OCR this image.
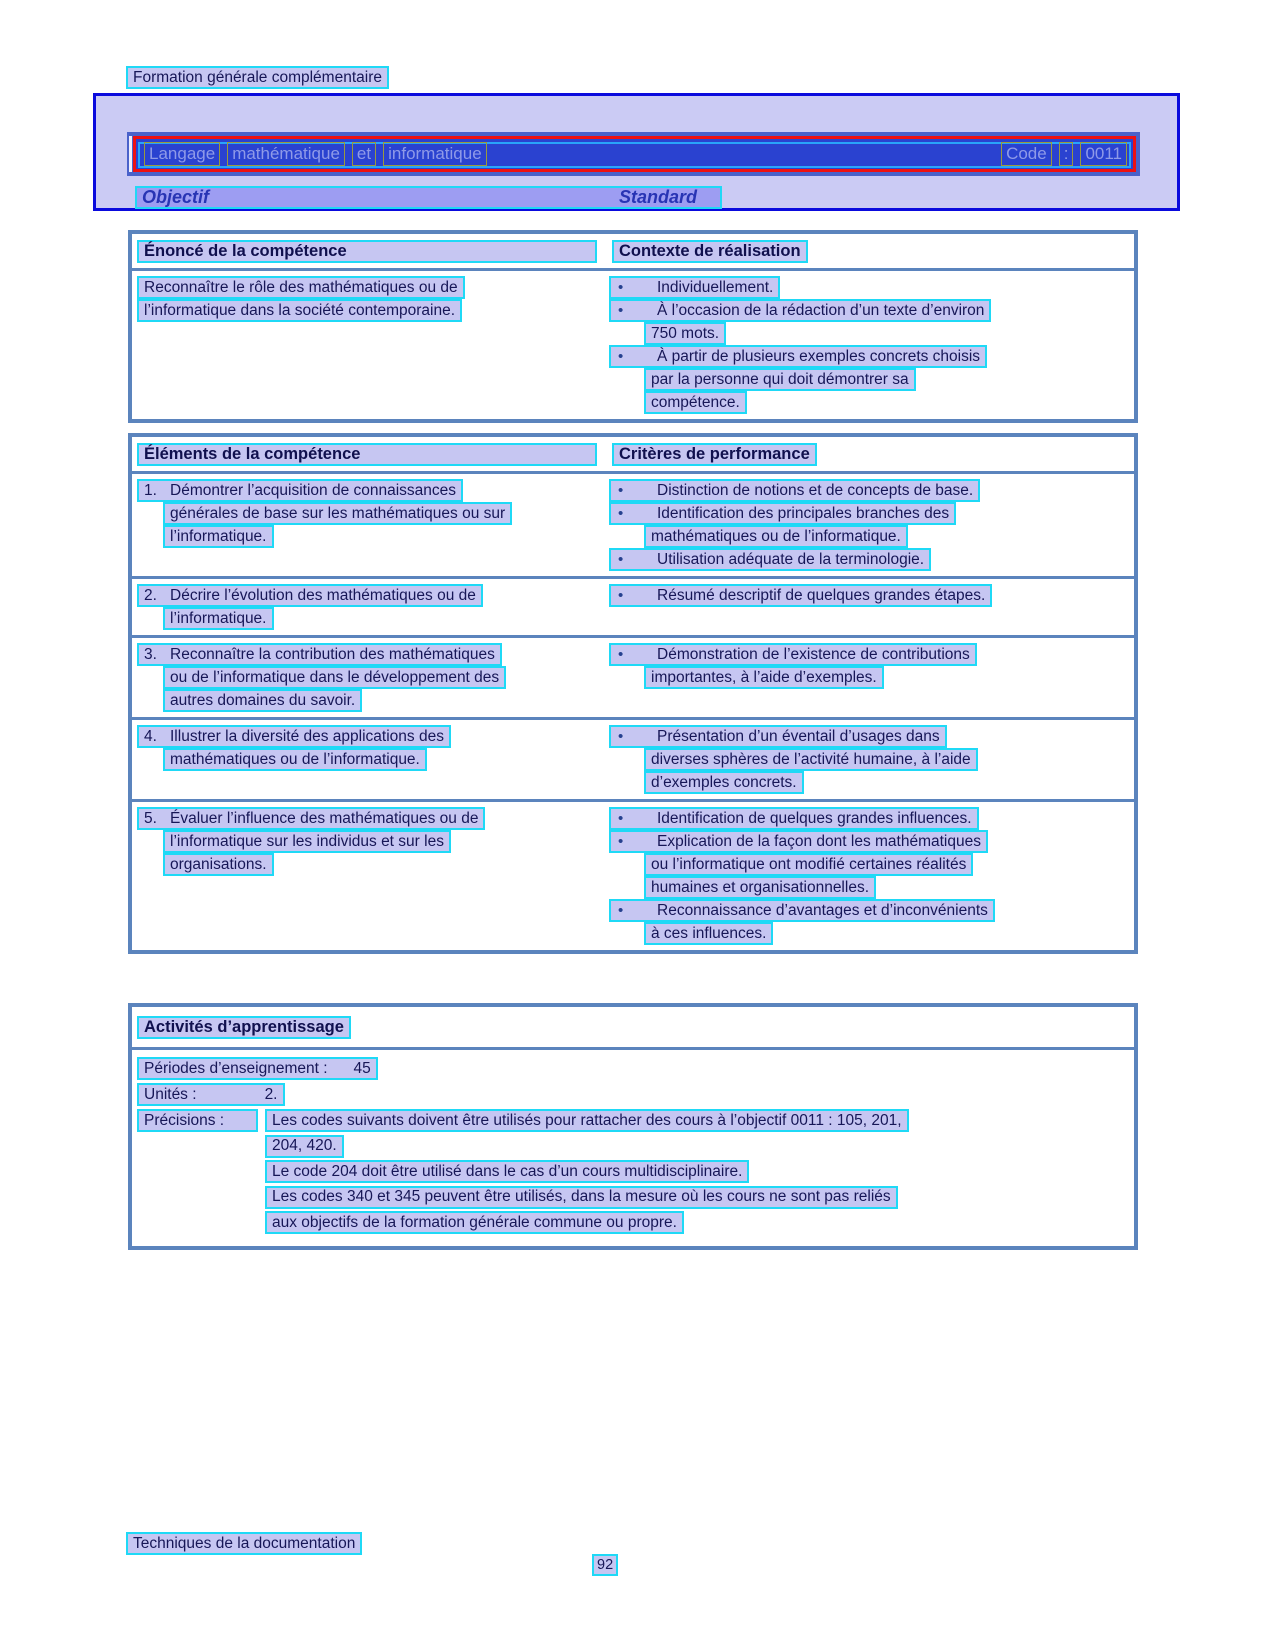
Formation générale complémentaire
Langage mathématique et informatique	Code : 0011
Objectif	Standard
Énoncé de la compétence	Contexte de réalisation
Reconnaître le rôle des mathématiques ou de
l’informatique dans la société contemporaine.
•	Individuellement.
•	À l’occasion de la rédaction d’un texte d’environ
750 mots.
•	À partir de plusieurs exemples concrets choisis
par la personne qui doit démontrer sa
compétence.
Éléments de la compétence	Critères de performance
1. Démontrer l’acquisition de connaissances
générales de base sur les mathématiques ou sur
l’informatique.
•	Distinction de notions et de concepts de base.
•	Identification des principales branches des
mathématiques ou de l’informatique.
•	Utilisation adéquate de la terminologie.
2. Décrire l’évolution des mathématiques ou de
l’informatique.
•	Résumé descriptif de quelques grandes étapes.
3. Reconnaître la contribution des mathématiques
ou de l’informatique dans le développement des
autres domaines du savoir.
•	Démonstration de l’existence de contributions
importantes, à l’aide d’exemples.
4. Illustrer la diversité des applications des
mathématiques ou de l’informatique.
•	Présentation d’un éventail d’usages dans
diverses sphères de l’activité humaine, à l’aide
d’exemples concrets.
5. Évaluer l’influence des mathématiques ou de
l’informatique sur les individus et sur les
organisations.
•	Identification de quelques grandes influences.
•	Explication de la façon dont les mathématiques
ou l’informatique ont modifié certaines réalités
humaines et organisationnelles.
•	Reconnaissance d’avantages et d’inconvénients
à ces influences.
Activités d’apprentissage
Périodes d’enseignement : 45
Unités :	2.
Précisions :	Les codes suivants doivent être utilisés pour rattacher des cours à l’objectif 0011 : 105, 201,
204, 420.
Le code 204 doit être utilisé dans le cas d’un cours multidisciplinaire.
Les codes 340 et 345 peuvent être utilisés, dans la mesure où les cours ne sont pas reliés
aux objectifs de la formation générale commune ou propre.
Techniques de la documentation
92
